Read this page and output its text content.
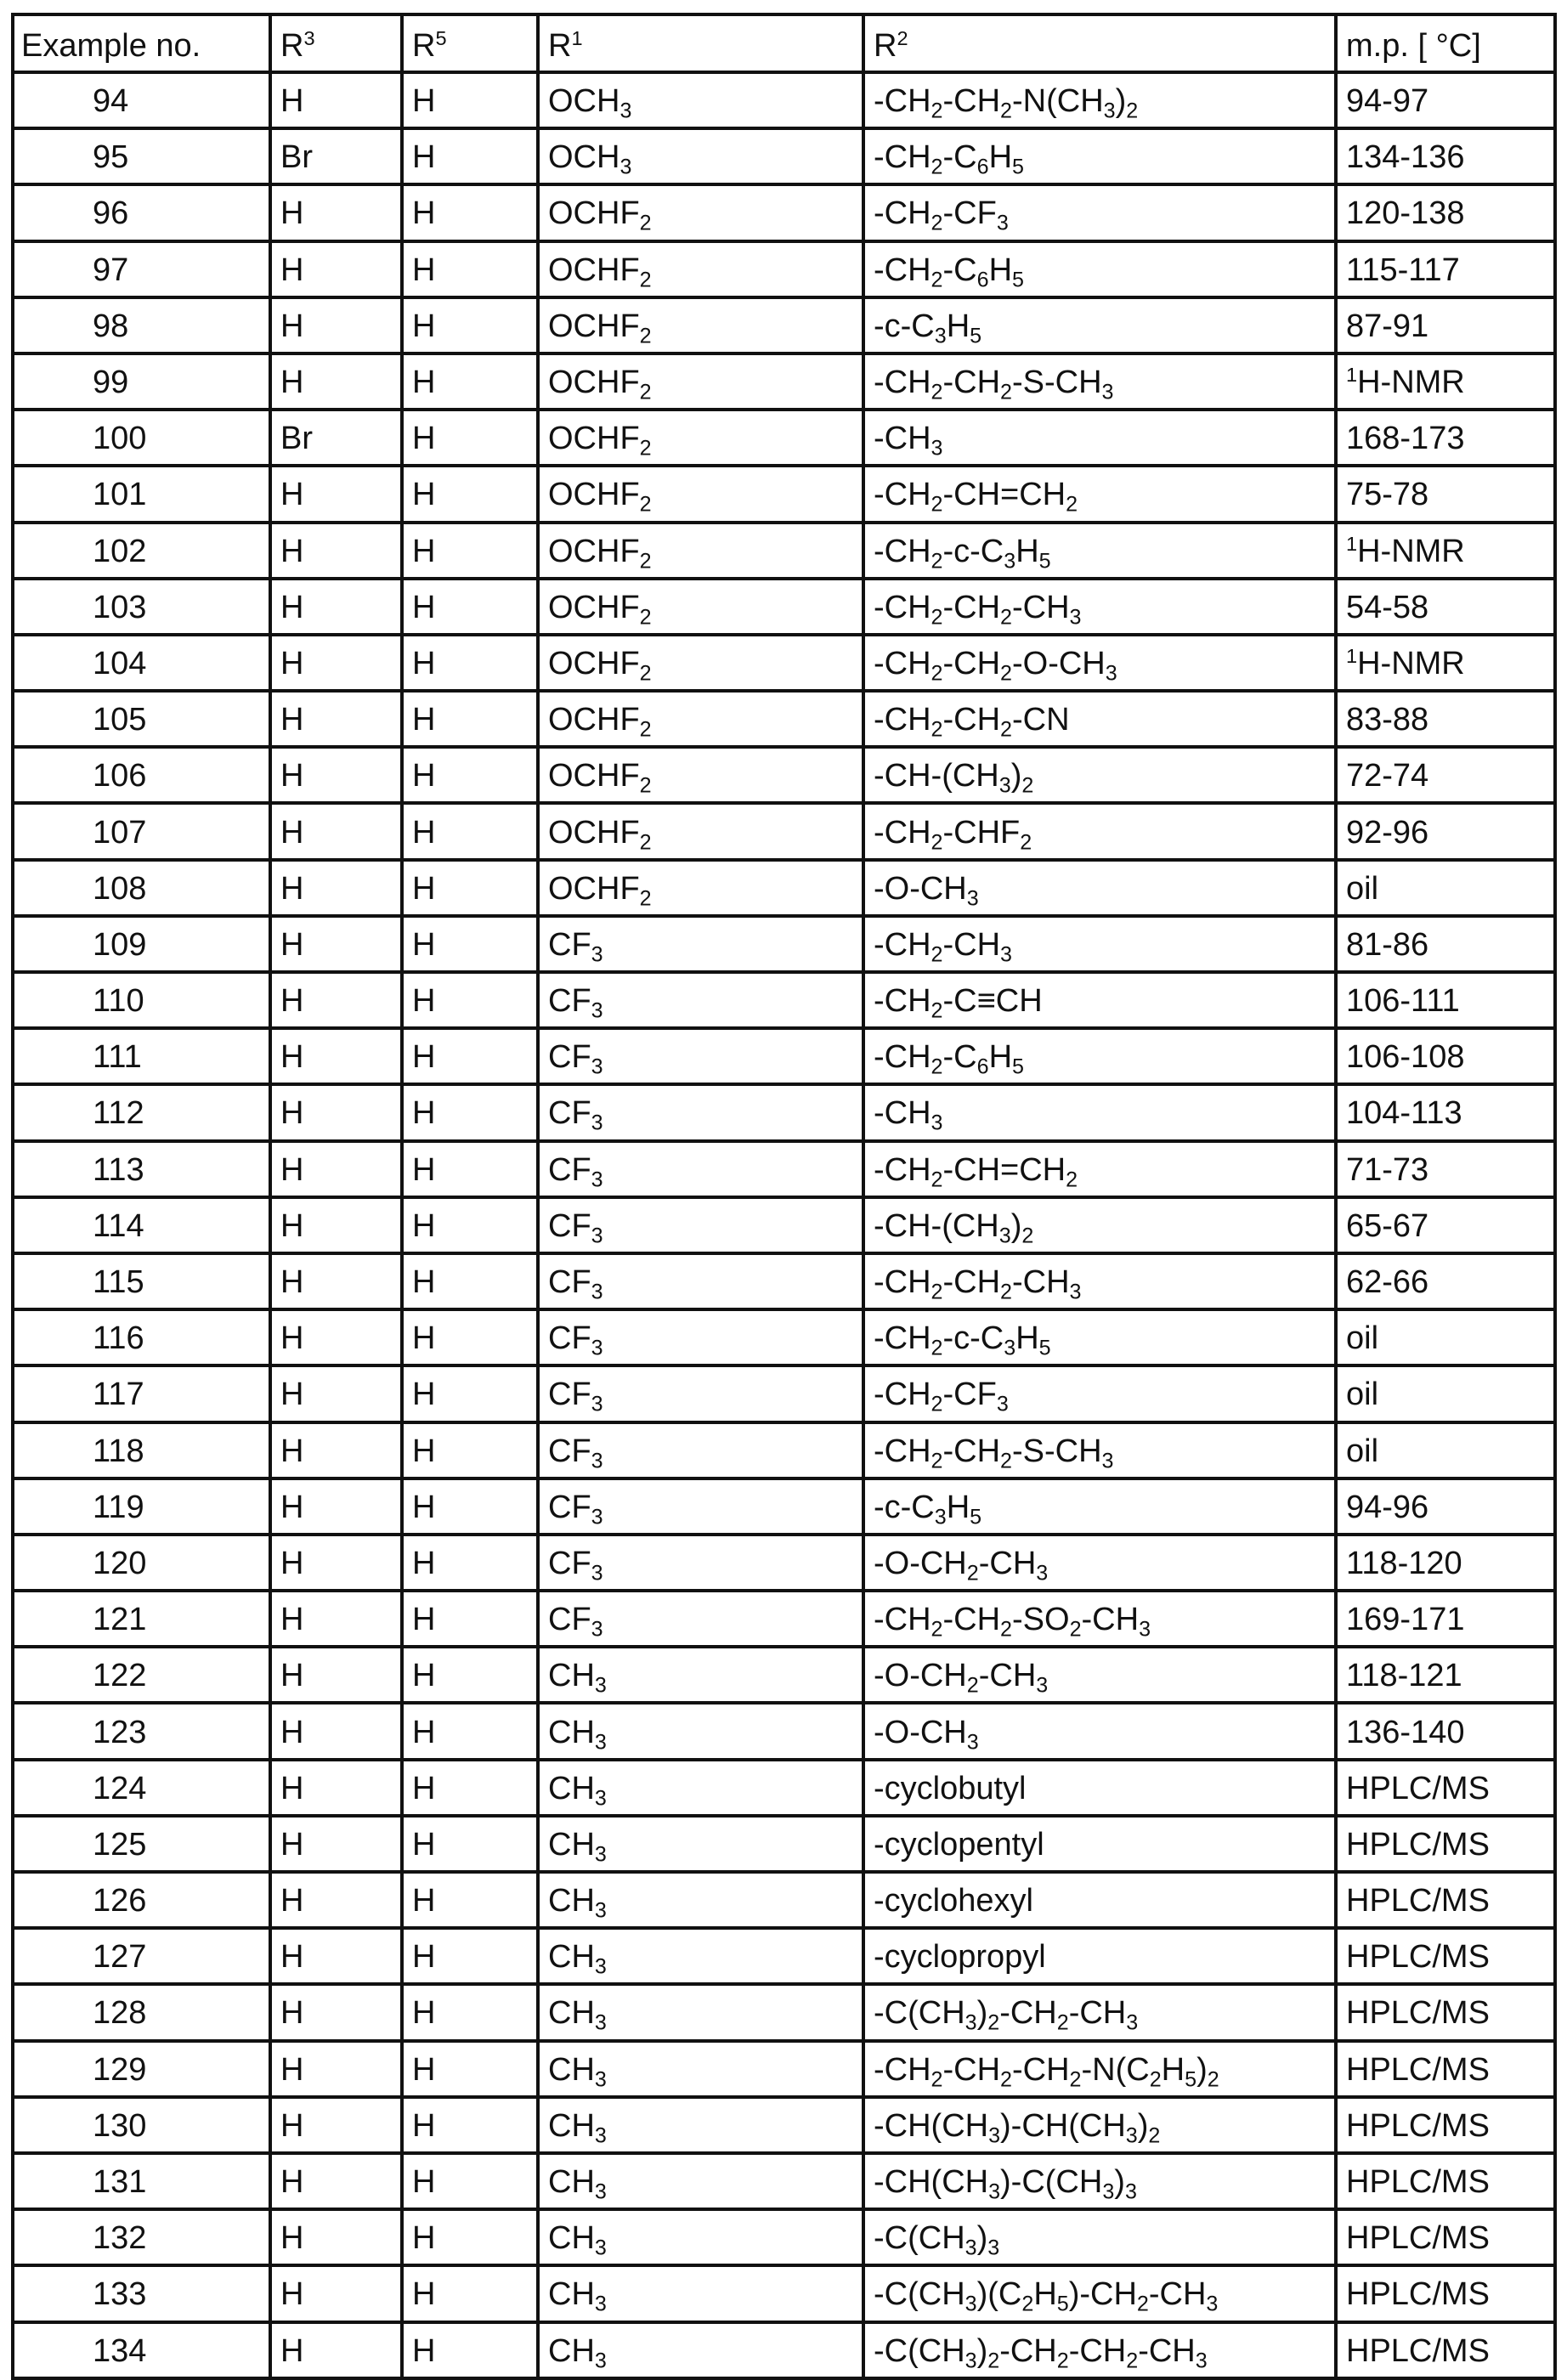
Example no.	$R^3$	$R^5$	$R^1$	$R^2$	m.p. [ °C]
94	H	H	$OCH_3$	$-CH_2-CH_2-N(CH_3)_2$	94-97
95	Br	H	$OCH_3$	$-CH_2-C_6H_5$	134-136
96	H	H	$OCHF_2$	$-CH_2-CF_3$	120-138
97	H	H	$OCHF_2$	$-CH_2-C_6H_5$	115-117
98	H	H	$OCHF_2$	$-c-C_3H_5$	87-91
99	H	H	$OCHF_2$	$-CH_2-CH_2-S-CH_3$	$^1$H-NMR
100	Br	H	$OCHF_2$	$-CH_3$	168-173
101	H	H	$OCHF_2$	$-CH_2-CH=CH_2$	75-78
102	H	H	$OCHF_2$	$-CH_2-c-C_3H_5$	$^1$H-NMR
103	H	H	$OCHF_2$	$-CH_2-CH_2-CH_3$	54-58
104	H	H	$OCHF_2$	$-CH_2-CH_2-O-CH_3$	$^1$H-NMR
105	H	H	$OCHF_2$	$-CH_2-CH_2-CN$	83-88
106	H	H	$OCHF_2$	$-CH-(CH_3)_2$	72-74
107	H	H	$OCHF_2$	$-CH_2-CHF_2$	92-96
108	H	H	$OCHF_2$	$-O-CH_3$	oil
109	H	H	$CF_3$	$-CH_2-CH_3$	81-86
110	H	H	$CF_3$	$-CH_2-C\equiv CH$	106-111
111	H	H	$CF_3$	$-CH_2-C_6H_5$	106-108
112	H	H	$CF_3$	$-CH_3$	104-113
113	H	H	$CF_3$	$-CH_2-CH=CH_2$	71-73
114	H	H	$CF_3$	$-CH-(CH_3)_2$	65-67
115	H	H	$CF_3$	$-CH_2-CH_2-CH_3$	62-66
116	H	H	$CF_3$	$-CH_2-c-C_3H_5$	oil
117	H	H	$CF_3$	$-CH_2-CF_3$	oil
118	H	H	$CF_3$	$-CH_2-CH_2-S-CH_3$	oil
119	H	H	$CF_3$	$-c-C_3H_5$	94-96
120	H	H	$CF_3$	$-O-CH_2-CH_3$	118-120
121	H	H	$CF_3$	$-CH_2-CH_2-SO_2-CH_3$	169-171
122	H	H	$CH_3$	$-O-CH_2-CH_3$	118-121
123	H	H	$CH_3$	$-O-CH_3$	136-140
124	H	H	$CH_3$	-cyclobutyl	HPLC/MS
125	H	H	$CH_3$	-cyclopentyl	HPLC/MS
126	H	H	$CH_3$	-cyclohexyl	HPLC/MS
127	H	H	$CH_3$	-cyclopropyl	HPLC/MS
128	H	H	$CH_3$	$-C(CH_3)_2-CH_2-CH_3$	HPLC/MS
129	H	H	$CH_3$	$-CH_2-CH_2-CH_2-N(C_2H_5)_2$	HPLC/MS
130	H	H	$CH_3$	$-CH(CH_3)-CH(CH_3)_2$	HPLC/MS
131	H	H	$CH_3$	$-CH(CH_3)-C(CH_3)_3$	HPLC/MS
132	H	H	$CH_3$	$-C(CH_3)_3$	HPLC/MS
133	H	H	$CH_3$	$-C(CH_3)(C_2H_5)-CH_2-CH_3$	HPLC/MS
134	H	H	$CH_3$	$-C(CH_3)_2-CH_2-CH_2-CH_3$	HPLC/MS
